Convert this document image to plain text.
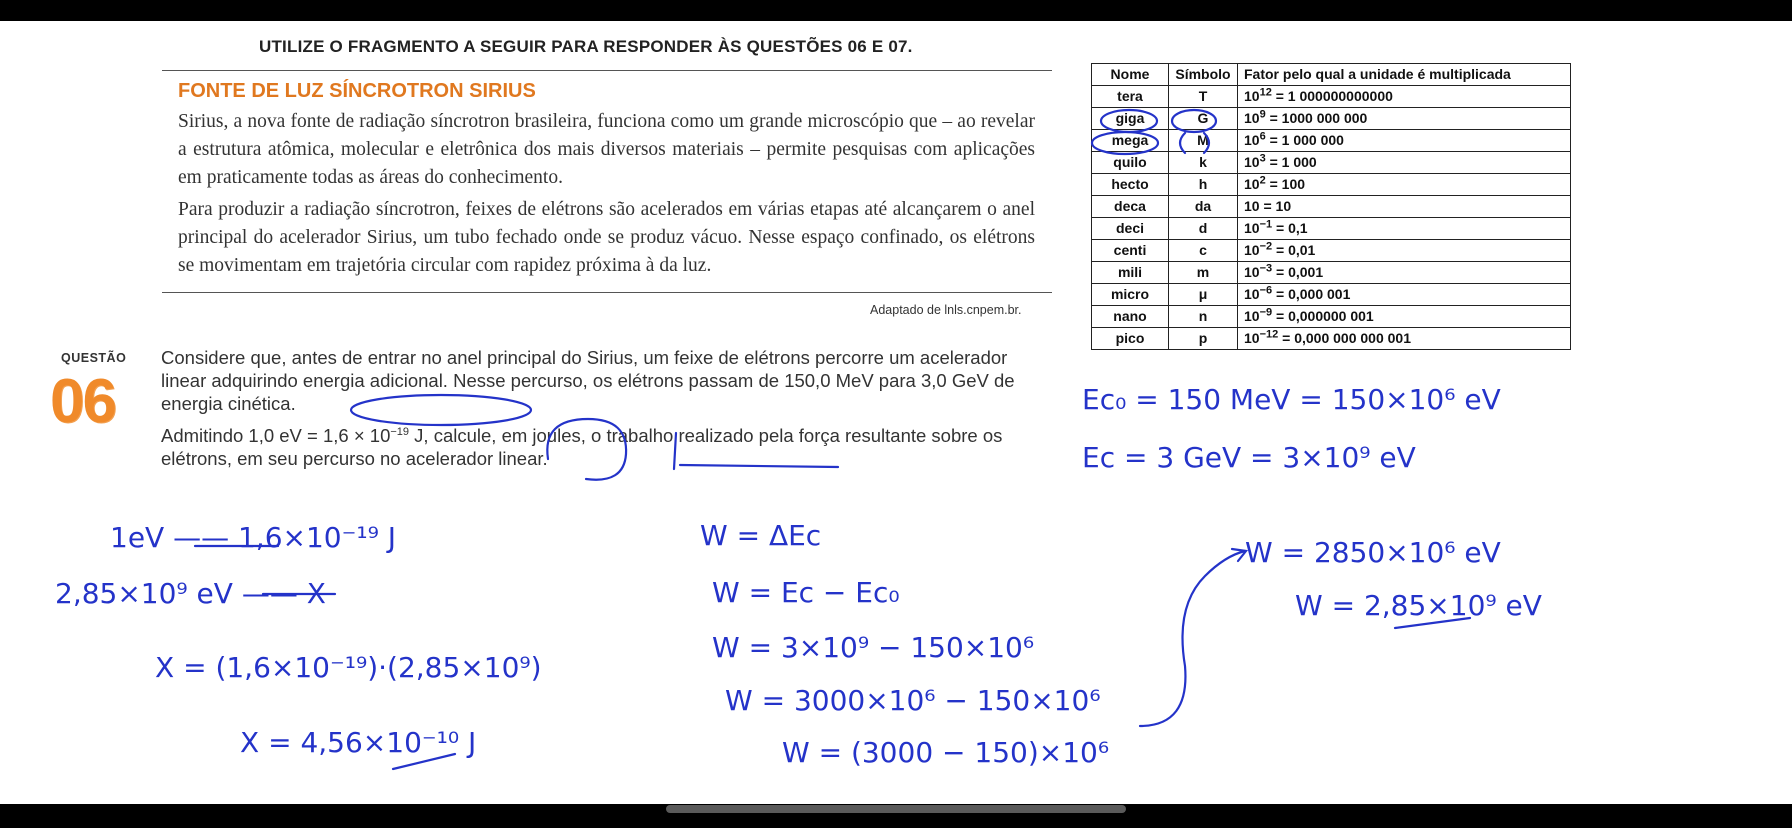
UTILIZE O FRAGMENTO A SEGUIR PARA RESPONDER ÀS QUESTÕES 06 E 07.
FONTE DE LUZ SÍNCROTRON SIRIUS

Sirius, a nova fonte de radiação síncrotron brasileira, funciona como um grande microscópio que – ao revelar a estrutura atômica, molecular e eletrônica dos mais diversos materiais – permite pesquisas com aplicações em praticamente todas as áreas do conhecimento.

Para produzir a radiação síncrotron, feixes de elétrons são acelerados em várias etapas até alcançarem o anel principal do acelerador Sirius, um tubo fechado onde se produz vácuo. Nesse espaço confinado, os elétrons se movimentam em trajetória circular com rapidez próxima à da luz.

Adaptado de lnls.cnpem.br.
QUESTÃO
06

Considere que, antes de entrar no anel principal do Sirius, um feixe de elétrons percorre um acelerador linear adquirindo energia adicional. Nesse percurso, os elétrons passam de 150,0 MeV para 3,0 GeV de energia cinética.

Admitindo 1,0 eV = $1,6 \times 10^{-19}$ J, calcule, em joules, o trabalho realizado pela força resultante sobre os elétrons, em seu percurso no acelerador linear.

Nome	Símbolo	Fator pelo qual a unidade é multiplicada
tera	T	$10^{12} = 1$ 000000000000
giga	G	$10^9 = 1000$ 000 000
mega	M	$10^6 = 1$ 000 000
quilo	k	$10^3 = 1$ 000
hecto	h	$10^2 = 100$
deca	da	10 = 10
deci	d	$10^{-1} = 0,1$
centi	c	$10^{-2} = 0,01$
mili	m	$10^{-3} = 0,001$
micro	μ	$10^{-6} = 0,000$ 001
nano	n	$10^{-9} = 0,000000$ 001
pico	p	$10^{-12} = 0,000$ 000 000 001
Ec₀ = 150 MeV = 150×10⁶ eV
Ec = 3 GeV = 3×10⁹ eV
1eV —— 1,6×10⁻¹⁹ J
2,85×10⁹ eV —— X
X = (1,6×10⁻¹⁹)·(2,85×10⁹)
X = 4,56×10⁻¹⁰ J
W = ΔEc
W = Ec − Ec₀
W = 3×10⁹ − 150×10⁶
W = 3000×10⁶ − 150×10⁶
W = (3000 − 150)×10⁶
W = 2850×10⁶ eV
W = 2,85×10⁹ eV
